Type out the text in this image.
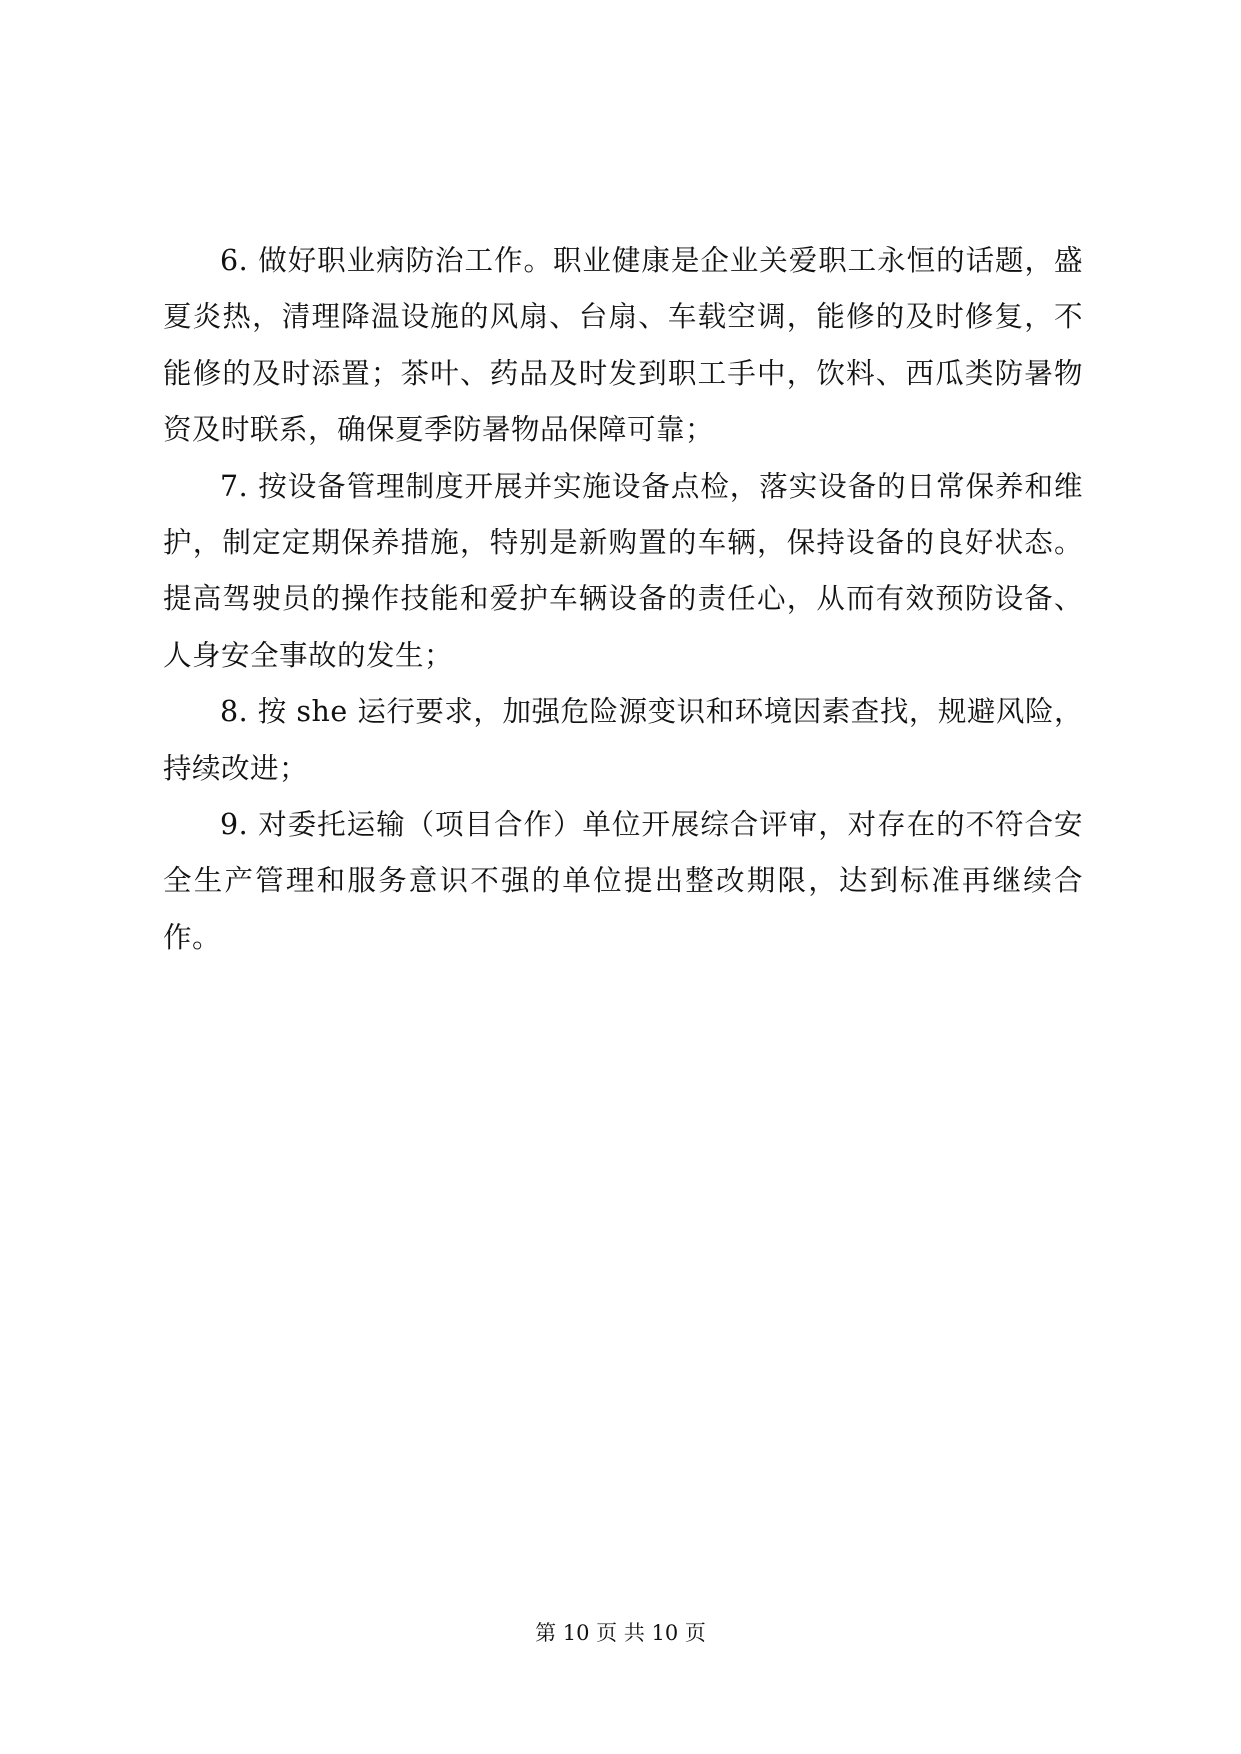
6. 做好职业病防治工作。职业健康是企业关爱职工永恒的话题，盛夏炎热，清理降温设施的风扇、台扇、车载空调，能修的及时修复，不能修的及时添置；茶叶、药品及时发到职工手中，饮料、西瓜类防暑物资及时联系，确保夏季防暑物品保障可靠；

7. 按设备管理制度开展并实施设备点检，落实设备的日常保养和维护，制定定期保养措施，特别是新购置的车辆，保持设备的良好状态。提高驾驶员的操作技能和爱护车辆设备的责任心，从而有效预防设备、人身安全事故的发生；

8. 按 she 运行要求，加强危险源变识和环境因素查找，规避风险，持续改进；

9. 对委托运输（项目合作）单位开展综合评审，对存在的不符合安全生产管理和服务意识不强的单位提出整改期限，达到标准再继续合作。

第 10 页 共 10 页
